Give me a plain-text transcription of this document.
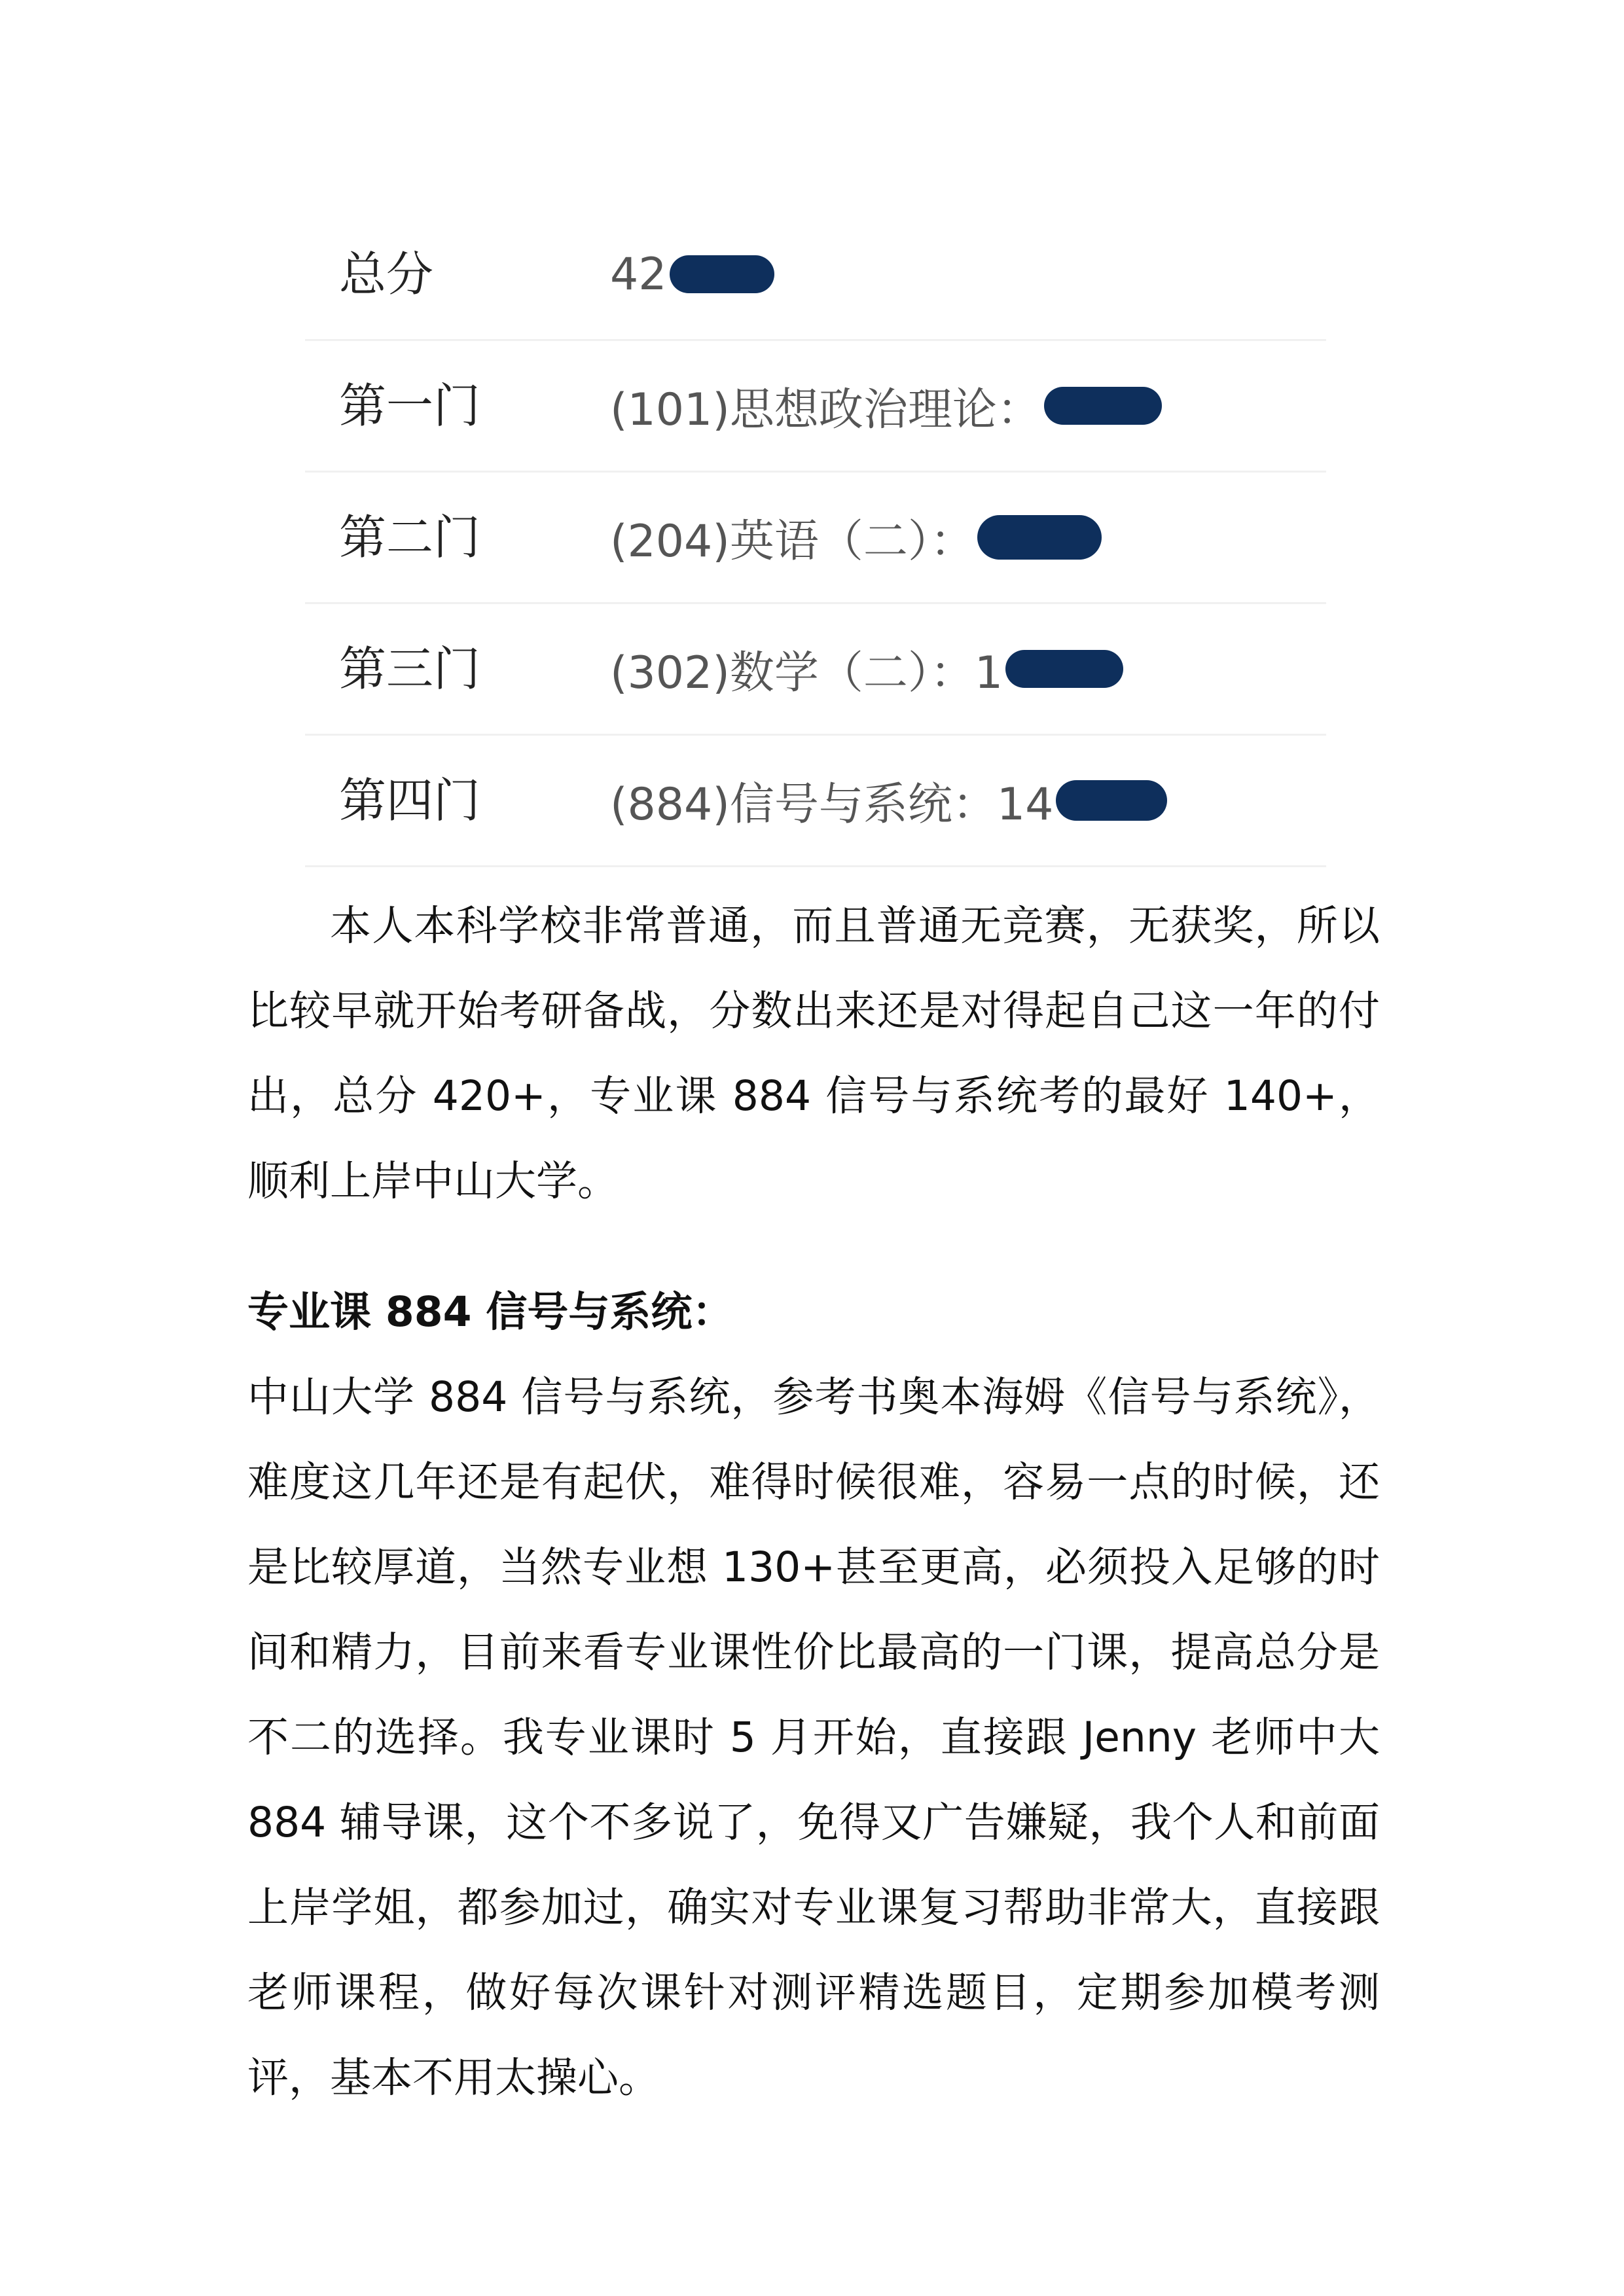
总分	42
第一门	(101)思想政治理论：
第二门	(204)英语（二）：
第三门	(302)数学（二）：1
第四门	(884)信号与系统：14

本人本科学校非常普通，而且普通无竞赛，无获奖，所以比较早就开始考研备战，分数出来还是对得起自己这一年的付出，总分 420+，专业课 884 信号与系统考的最好 140+，顺利上岸中山大学。

专业课 884 信号与系统：

中山大学 884 信号与系统，参考书奥本海姆《信号与系统》，难度这几年还是有起伏，难得时候很难，容易一点的时候，还是比较厚道，当然专业想 130+甚至更高，必须投入足够的时间和精力，目前来看专业课性价比最高的一门课，提高总分是不二的选择。我专业课时 5 月开始，直接跟 Jenny 老师中大 884 辅导课，这个不多说了，免得又广告嫌疑，我个人和前面上岸学姐，都参加过，确实对专业课复习帮助非常大，直接跟老师课程，做好每次课针对测评精选题目，定期参加模考测评，基本不用太操心。
